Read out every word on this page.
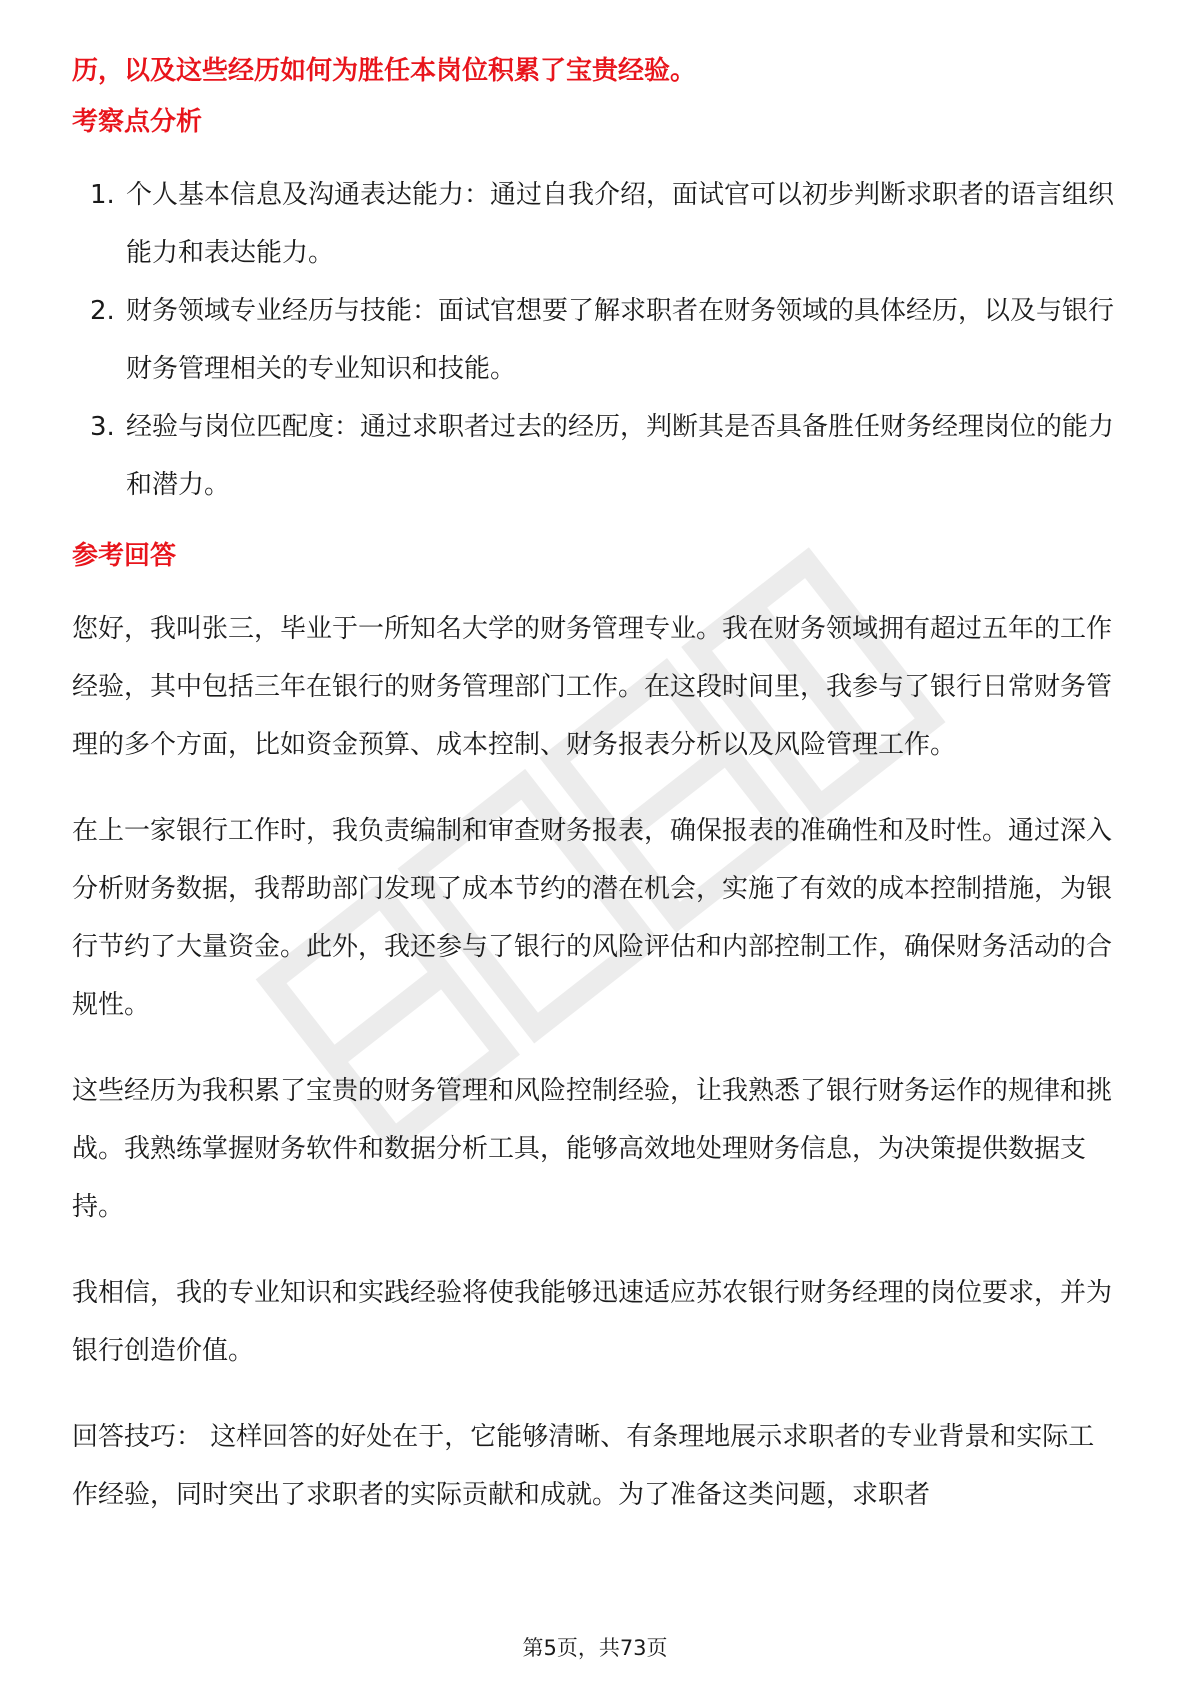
历，以及这些经历如何为胜任本岗位积累了宝贵经验。

考察点分析
1. 个人基本信息及沟通表达能力：通过自我介绍，面试官可以初步判断求职者的语言组织能力和表达能力。
2. 财务领域专业经历与技能：面试官想要了解求职者在财务领域的具体经历，以及与银行财务管理相关的专业知识和技能。
3. 经验与岗位匹配度：通过求职者过去的经历，判断其是否具备胜任财务经理岗位的能力和潜力。
参考回答

您好，我叫张三，毕业于一所知名大学的财务管理专业。我在财务领域拥有超过五年的工作经验，其中包括三年在银行的财务管理部门工作。在这段时间里，我参与了银行日常财务管理的多个方面，比如资金预算、成本控制、财务报表分析以及风险管理工作。

在上一家银行工作时，我负责编制和审查财务报表，确保报表的准确性和及时性。通过深入分析财务数据，我帮助部门发现了成本节约的潜在机会，实施了有效的成本控制措施，为银行节约了大量资金。此外，我还参与了银行的风险评估和内部控制工作，确保财务活动的合规性。

这些经历为我积累了宝贵的财务管理和风险控制经验，让我熟悉了银行财务运作的规律和挑战。我熟练掌握财务软件和数据分析工具，能够高效地处理财务信息，为决策提供数据支持。

我相信，我的专业知识和实践经验将使我能够迅速适应苏农银行财务经理的岗位要求，并为银行创造价值。

回答技巧： 这样回答的好处在于，它能够清晰、有条理地展示求职者的专业背景和实际工作经验，同时突出了求职者的实际贡献和成就。为了准备这类问题，求职者

第5页，共73页
